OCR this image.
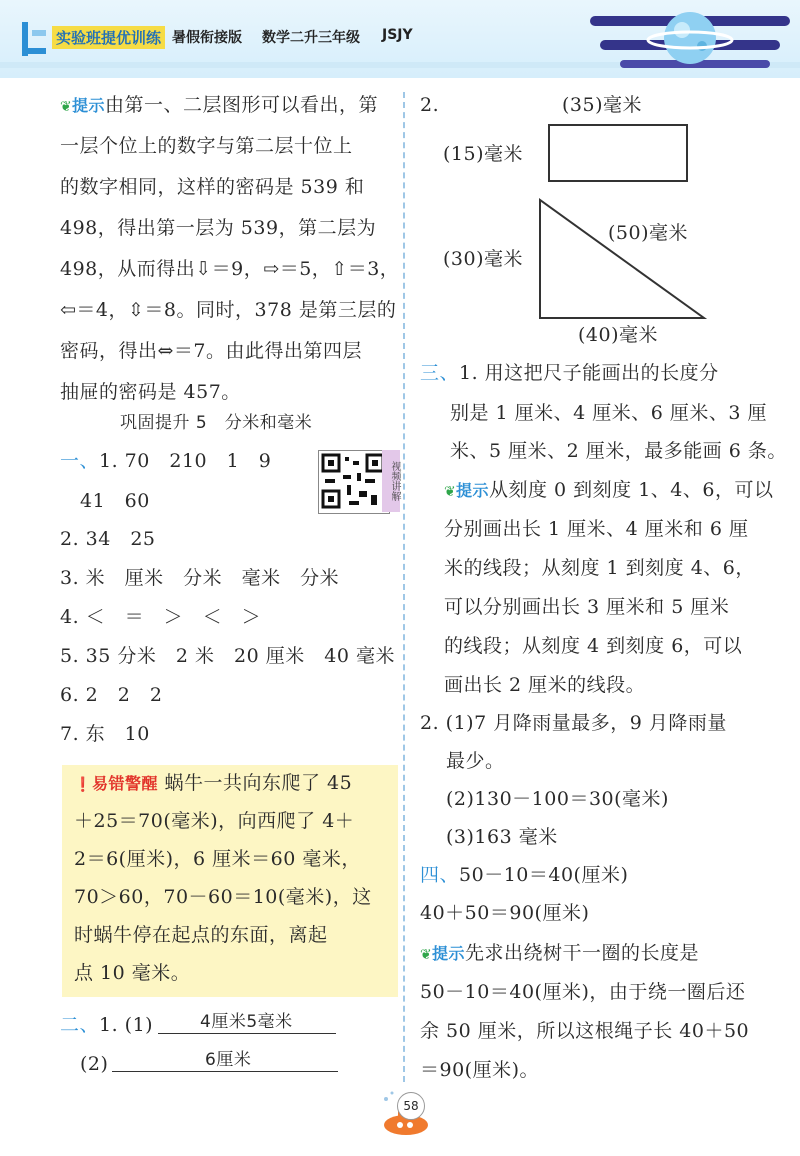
实验班提优训练 暑假衔接版 数学二升三年级 JSJY
❦提示由第一、二层图形可以看出，第
一层个位上的数字与第二层十位上
的数字相同，这样的密码是 539 和
498，得出第一层为 539，第二层为
498，从而得出⇩＝9，⇨＝5，⇧＝3，
⇦＝4，⇳＝8。同时，378 是第三层的
密码，得出⇔＝7。由此得出第四层
抽屉的密码是 457。
巩固提升 5　分米和毫米
一、1. 70　210　1　9	视频讲解
41　60
2. 34　25
3. 米　厘米　分米　毫米　分米
4. ＜　＝　＞　＜　＞
5. 35 分米　2 米　20 厘米　40 毫米
6. 2　2　2
7. 东　10
❗易错警醒 蜗牛一共向东爬了 45
＋25＝70(毫米)，向西爬了 4＋
2＝6(厘米)，6 厘米＝60 毫米，
70＞60，70－60＝10(毫米)，这
时蜗牛停在起点的东面，离起
点 10 毫米。
二、1. (1)	4厘米5毫米
(2)	6厘米
2.	(35)毫米
(15)毫米
(50)毫米
(30)毫米
(40)毫米
三、1. 用这把尺子能画出的长度分
别是 1 厘米、4 厘米、6 厘米、3 厘
米、5 厘米、2 厘米，最多能画 6 条。
❦提示从刻度 0 到刻度 1、4、6，可以
分别画出长 1 厘米、4 厘米和 6 厘
米的线段；从刻度 1 到刻度 4、6，
可以分别画出长 3 厘米和 5 厘米
的线段；从刻度 4 到刻度 6，可以
画出长 2 厘米的线段。
2. (1)7 月降雨量最多，9 月降雨量
最少。
(2)130－100＝30(毫米)
(3)163 毫米
四、50－10＝40(厘米)
40＋50＝90(厘米)
❦提示先求出绕树干一圈的长度是
50－10＝40(厘米)，由于绕一圈后还
余 50 厘米，所以这根绳子长 40＋50
＝90(厘米)。
58
